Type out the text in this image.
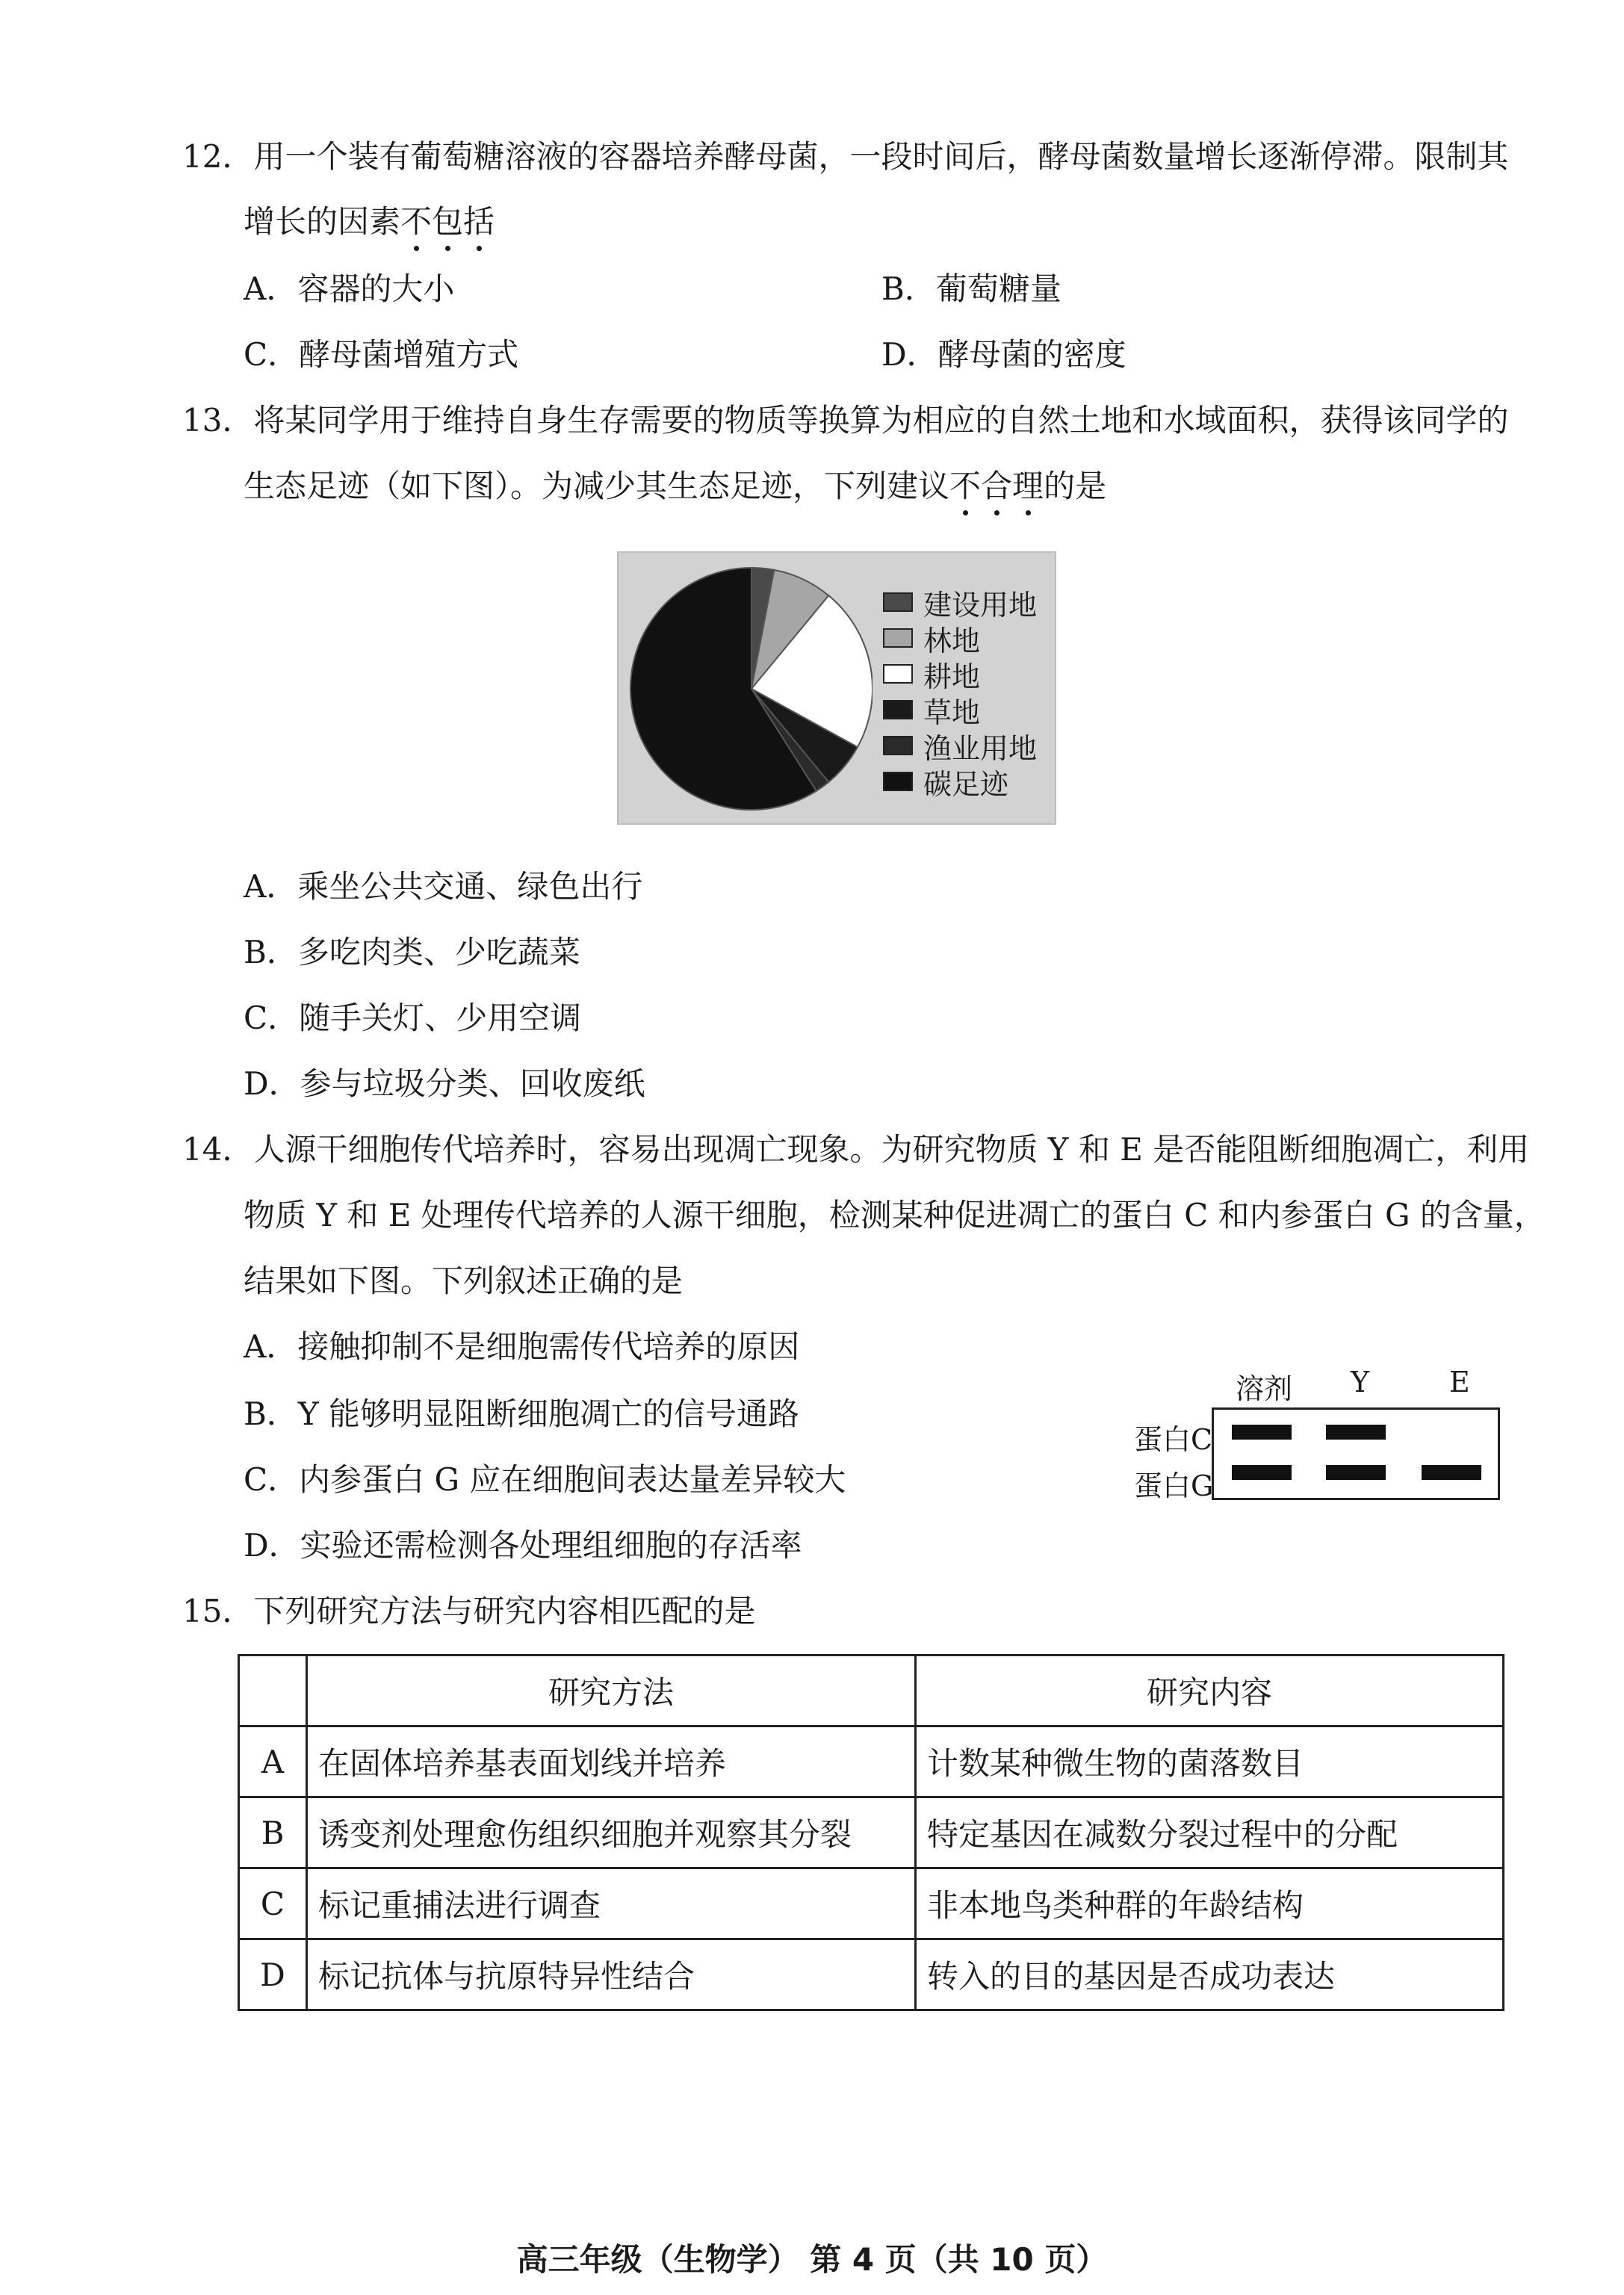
12．用一个装有葡萄糖溶液的容器培养酵母菌，一段时间后，酵母菌数量增长逐渐停滞。限制其
增长的因素不包括
A．容器的大小	B．葡萄糖量
C．酵母菌增殖方式	D．酵母菌的密度
13．将某同学用于维持自身生存需要的物质等换算为相应的自然土地和水域面积，获得该同学的
生态足迹（如下图）。为减少其生态足迹，下列建议不合理的是
建设用地
林地
耕地
草地
渔业用地
碳足迹
A．乘坐公共交通、绿色出行
B．多吃肉类、少吃蔬菜
C．随手关灯、少用空调
D．参与垃圾分类、回收废纸
14．人源干细胞传代培养时，容易出现凋亡现象。为研究物质 Y 和 E 是否能阻断细胞凋亡，利用
物质 Y 和 E 处理传代培养的人源干细胞，检测某种促进凋亡的蛋白 C 和内参蛋白 G 的含量，
结果如下图。下列叙述正确的是
A．接触抑制不是细胞需传代培养的原因
B．Y 能够明显阻断细胞凋亡的信号通路
C．内参蛋白 G 应在细胞间表达量差异较大
D．实验还需检测各处理组细胞的存活率
溶剂 Y	E
蛋白C
蛋白G
15．下列研究方法与研究内容相匹配的是
	研究方法	研究内容
A	在固体培养基表面划线并培养	计数某种微生物的菌落数目
B	诱变剂处理愈伤组织细胞并观察其分裂	特定基因在减数分裂过程中的分配
C	标记重捕法进行调查	非本地鸟类种群的年龄结构
D	标记抗体与抗原特异性结合	转入的目的基因是否成功表达
高三年级（生物学） 第 4 页（共 10 页）
